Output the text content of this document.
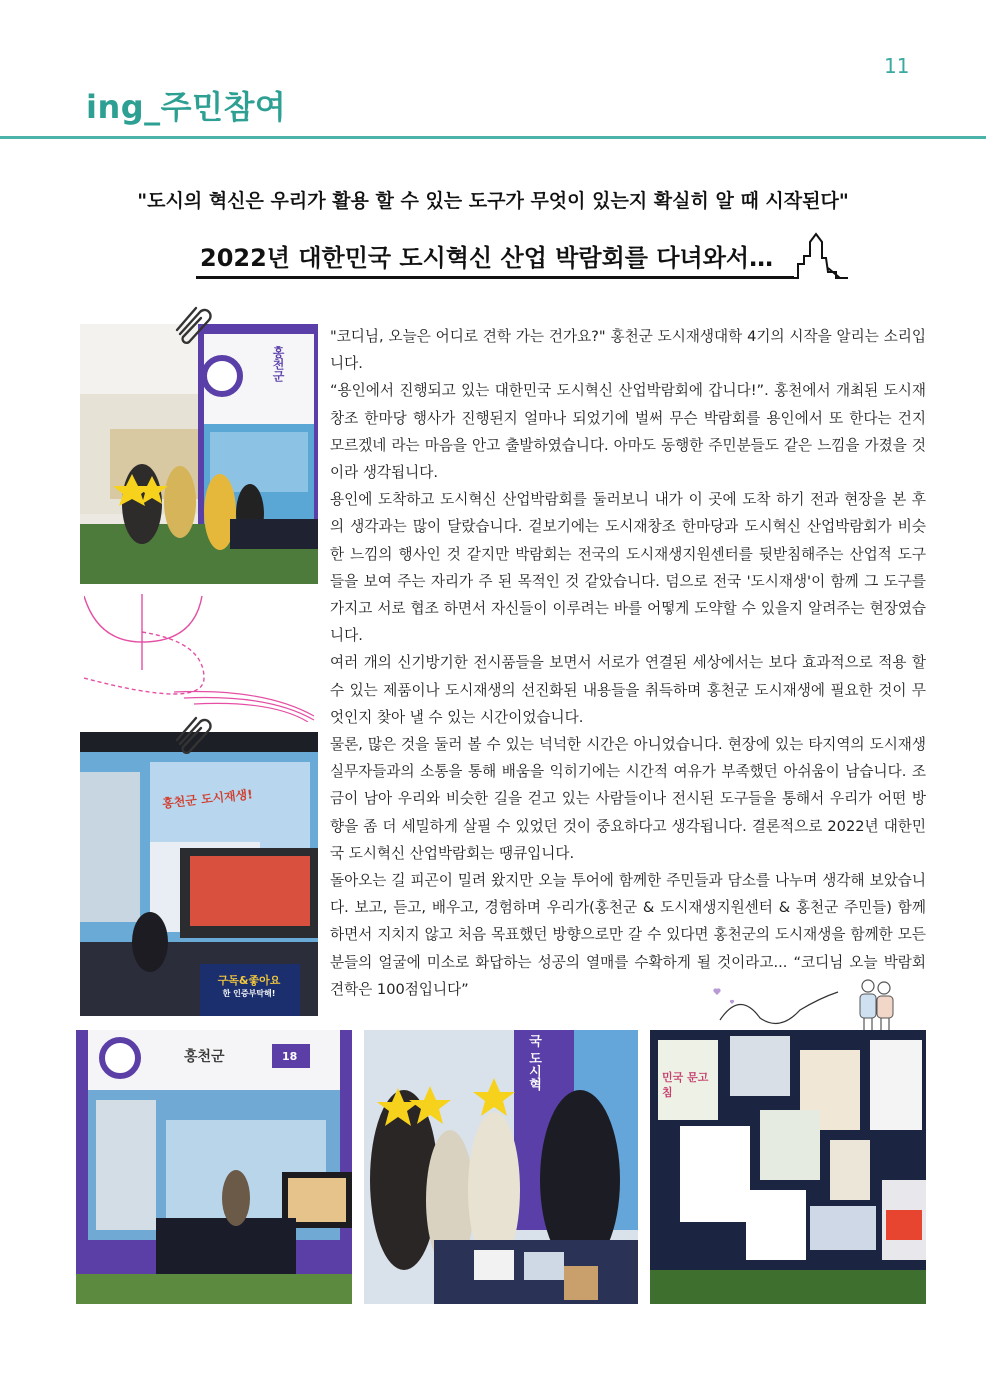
11
ing_주민참여
"도시의 혁신은 우리가 활용 할 수 있는 도구가 무엇이 있는지 확실히 알 때 시작된다"
2022년 대한민국 도시혁신 산업 박람회를 다녀와서…
홍천군
홍천군 도시재생!
구독&좋아요
한 인증부탁해!

"코디님, 오늘은 어디로 견학 가는 건가요?" 홍천군 도시재생대학 4기의 시작을 알리는 소리입니다.

“용인에서 진행되고 있는 대한민국 도시혁신 산업박람회에 갑니다!”. 홍천에서 개최된 도시재창조 한마당 행사가 진행된지 얼마나 되었기에 벌써 무슨 박람회를 용인에서 또 한다는 건지 모르겠네 라는 마음을 안고 출발하였습니다. 아마도 동행한 주민분들도 같은 느낌을 가졌을 것이라 생각됩니다.

용인에 도착하고 도시혁신 산업박람회를 둘러보니 내가 이 곳에 도착 하기 전과 현장을 본 후의 생각과는 많이 달랐습니다. 겉보기에는 도시재창조 한마당과 도시혁신 산업박람회가 비슷한 느낌의 행사인 것 같지만 박람회는 전국의 도시재생지원센터를 뒷받침해주는 산업적 도구들을 보여 주는 자리가 주 된 목적인 것 같았습니다. 덤으로 전국 '도시재생'이 함께 그 도구를 가지고 서로 협조 하면서 자신들이 이루려는 바를 어떻게 도약할 수 있을지 알려주는 현장였습니다.

여러 개의 신기방기한 전시품들을 보면서 서로가 연결된 세상에서는 보다 효과적으로 적용 할 수 있는 제품이나 도시재생의 선진화된 내용들을 취득하며 홍천군 도시재생에 필요한 것이 무엇인지 찾아 낼 수 있는 시간이었습니다.

물론, 많은 것을 둘러 볼 수 있는 넉넉한 시간은 아니었습니다. 현장에 있는 타지역의 도시재생 실무자들과의 소통을 통해 배움을 익히기에는 시간적 여유가 부족했던 아쉬움이 남습니다. 조금이 남아 우리와 비슷한 길을 걷고 있는 사람들이나 전시된 도구들을 통해서 우리가 어떤 방향을 좀 더 세밀하게 살필 수 있었던 것이 중요하다고 생각됩니다. 결론적으로 2022년 대한민국 도시혁신 산업박람회는 땡큐입니다.

돌아오는 길 피곤이 밀려 왔지만 오늘 투어에 함께한 주민들과 담소를 나누며 생각해 보았습니다. 보고, 듣고, 배우고, 경험하며 우리가(홍천군 & 도시재생지원센터 & 홍천군 주민들) 함께하면서 지치지 않고 처음 목표했던 방향으로만 갈 수 있다면 홍천군의 도시재생을 함께한 모든 분들의 얼굴에 미소로 화답하는 성공의 열매를 수확하게 될 것이라고... “코디님 오늘 박람회 견학은 100점입니다”

홍천군	18	국 도시혁	민국 문고침
